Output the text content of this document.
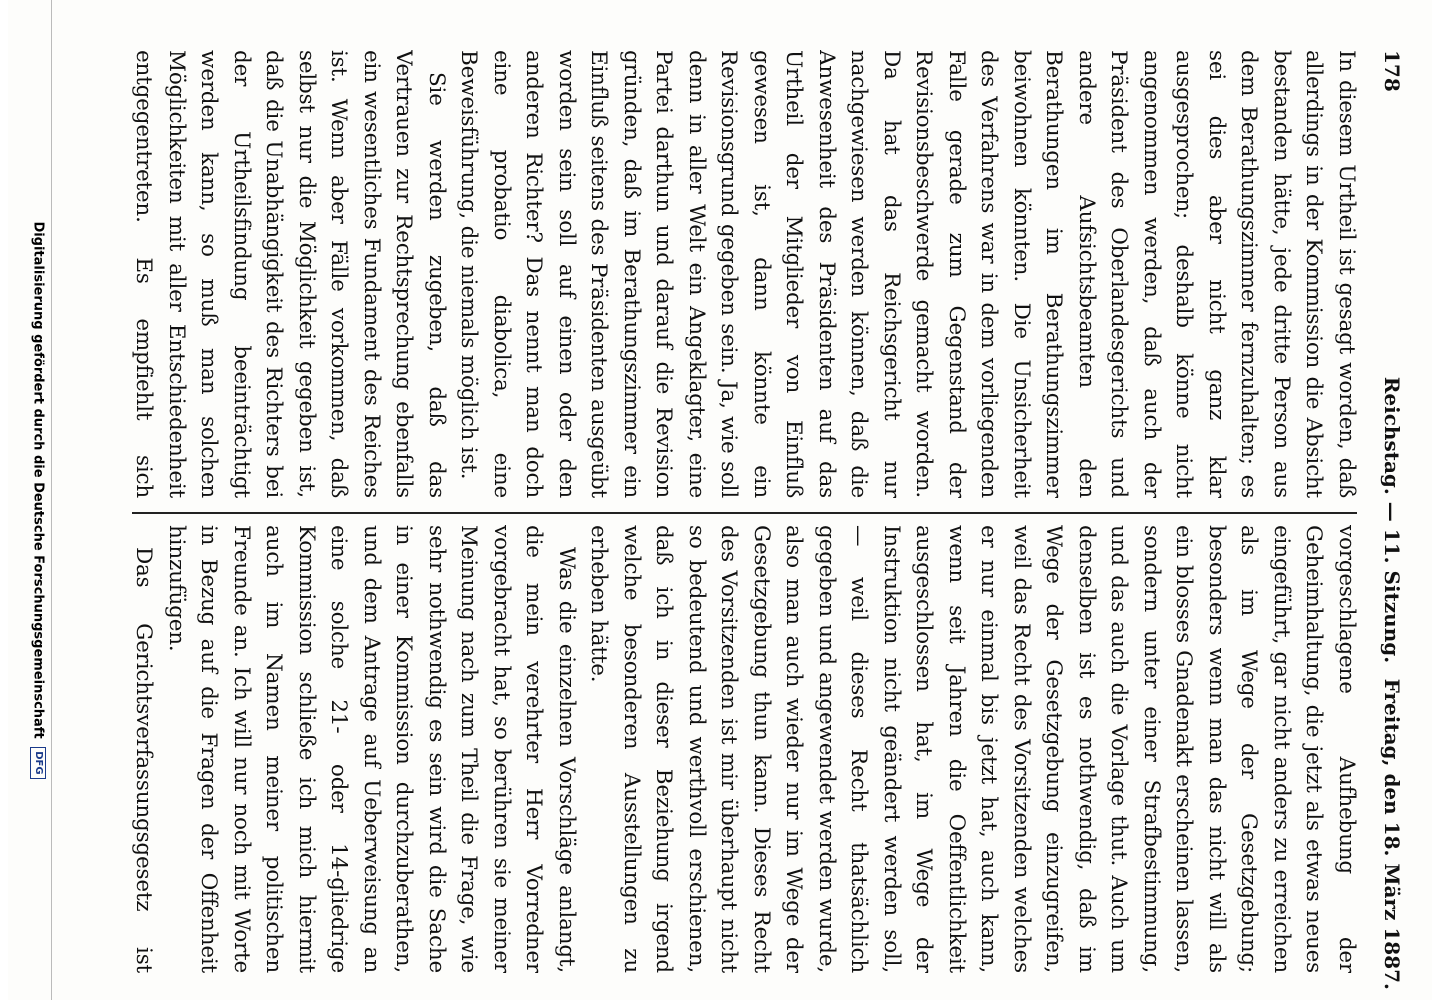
178
Reichstag. — 11. Sitzung.
Freitag, den 18. März 1887.

In diesem Urtheil ist gesagt worden, daß allerdings in der Kommission die Absicht bestanden hätte, jede dritte Person aus dem Berathungszimmer fernzuhalten; es sei dies aber nicht ganz klar ausgesprochen; deshalb könne nicht angenommen werden, daß auch der Präsident des Oberlandesgerichts und andere Aufsichtsbeamten den Berathungen im Berathungszimmer beiwohnen könnten. Die Unsicherheit des Verfahrens war in dem vorliegenden Falle gerade zum Gegenstand der Revisionsbeschwerde gemacht worden. Da hat das Reichsgericht nur nachgewiesen werden können, daß die Anwesenheit des Präsidenten auf das Urtheil der Mitglieder von Einfluß gewesen ist, dann könnte ein Revisionsgrund gegeben sein. Ja, wie soll denn in aller Welt ein Angeklagter, eine Partei darthun und darauf die Revision gründen, daß im Berathungszimmer ein Einfluß seitens des Präsidenten ausgeübt worden sein soll auf einen oder den anderen Richter? Das nennt man doch eine probatio diabolica, eine Beweisführung, die niemals möglich ist.

Sie werden zugeben, daß das Vertrauen zur Rechtsprechung ebenfalls ein wesentliches Fundament des Reiches ist. Wenn aber Fälle vorkommen, daß selbst nur die Möglichkeit gegeben ist, daß die Unabhängigkeit des Richters bei der Urtheilsfindung beeinträchtigt werden kann, so muß man solchen Möglichkeiten mit aller Entschiedenheit entgegentreten. Es empfiehlt sich

vorgeschlagene Aufhebung der Geheimhaltung, die jetzt als etwas neues eingeführt, gar nicht anders zu erreichen als im Wege der Gesetzgebung; besonders wenn man das nicht will als ein blosses Gnadenakt erscheinen lassen, sondern unter einer Strafbestimmung, und das auch die Vorlage thut. Auch um denselben ist es nothwendig, daß im Wege der Gesetzgebung einzugreifen, weil das Recht des Vorsitzenden welches er nur einmal bis jetzt hat, auch kann, wenn seit Jahren die Oeffentlichkeit ausgeschlossen hat, im Wege der Instruktion nicht geändert werden soll, — weil dieses Recht thatsächlich gegeben und angewendet werden wurde, also man auch wieder nur im Wege der Gesetzgebung thun kann. Dieses Recht des Vorsitzenden ist mir überhaupt nicht so bedeutend und werthvoll erschienen, daß ich in dieser Beziehung irgend welche besonderen Ausstellungen zu erheben hätte.

Was die einzelnen Vorschläge anlangt, die mein verehrter Herr Vorredner vorgebracht hat, so berühren sie meiner Meinung nach zum Theil die Frage, wie sehr nothwendig es sein wird die Sache in einer Kommission durchzuberathen, und dem Antrage auf Ueberweisung an eine solche 21- oder 14-gliedrige Kommission schließe ich mich hiermit auch im Namen meiner politischen Freunde an. Ich will nur noch mit Worte in Bezug auf die Fragen der Offenheit hinzufügen.

Das Gerichtsverfassungsgesetz ist

Digitalisierung gefördert durch die Deutsche Forschungsgemeinschaft DFG
